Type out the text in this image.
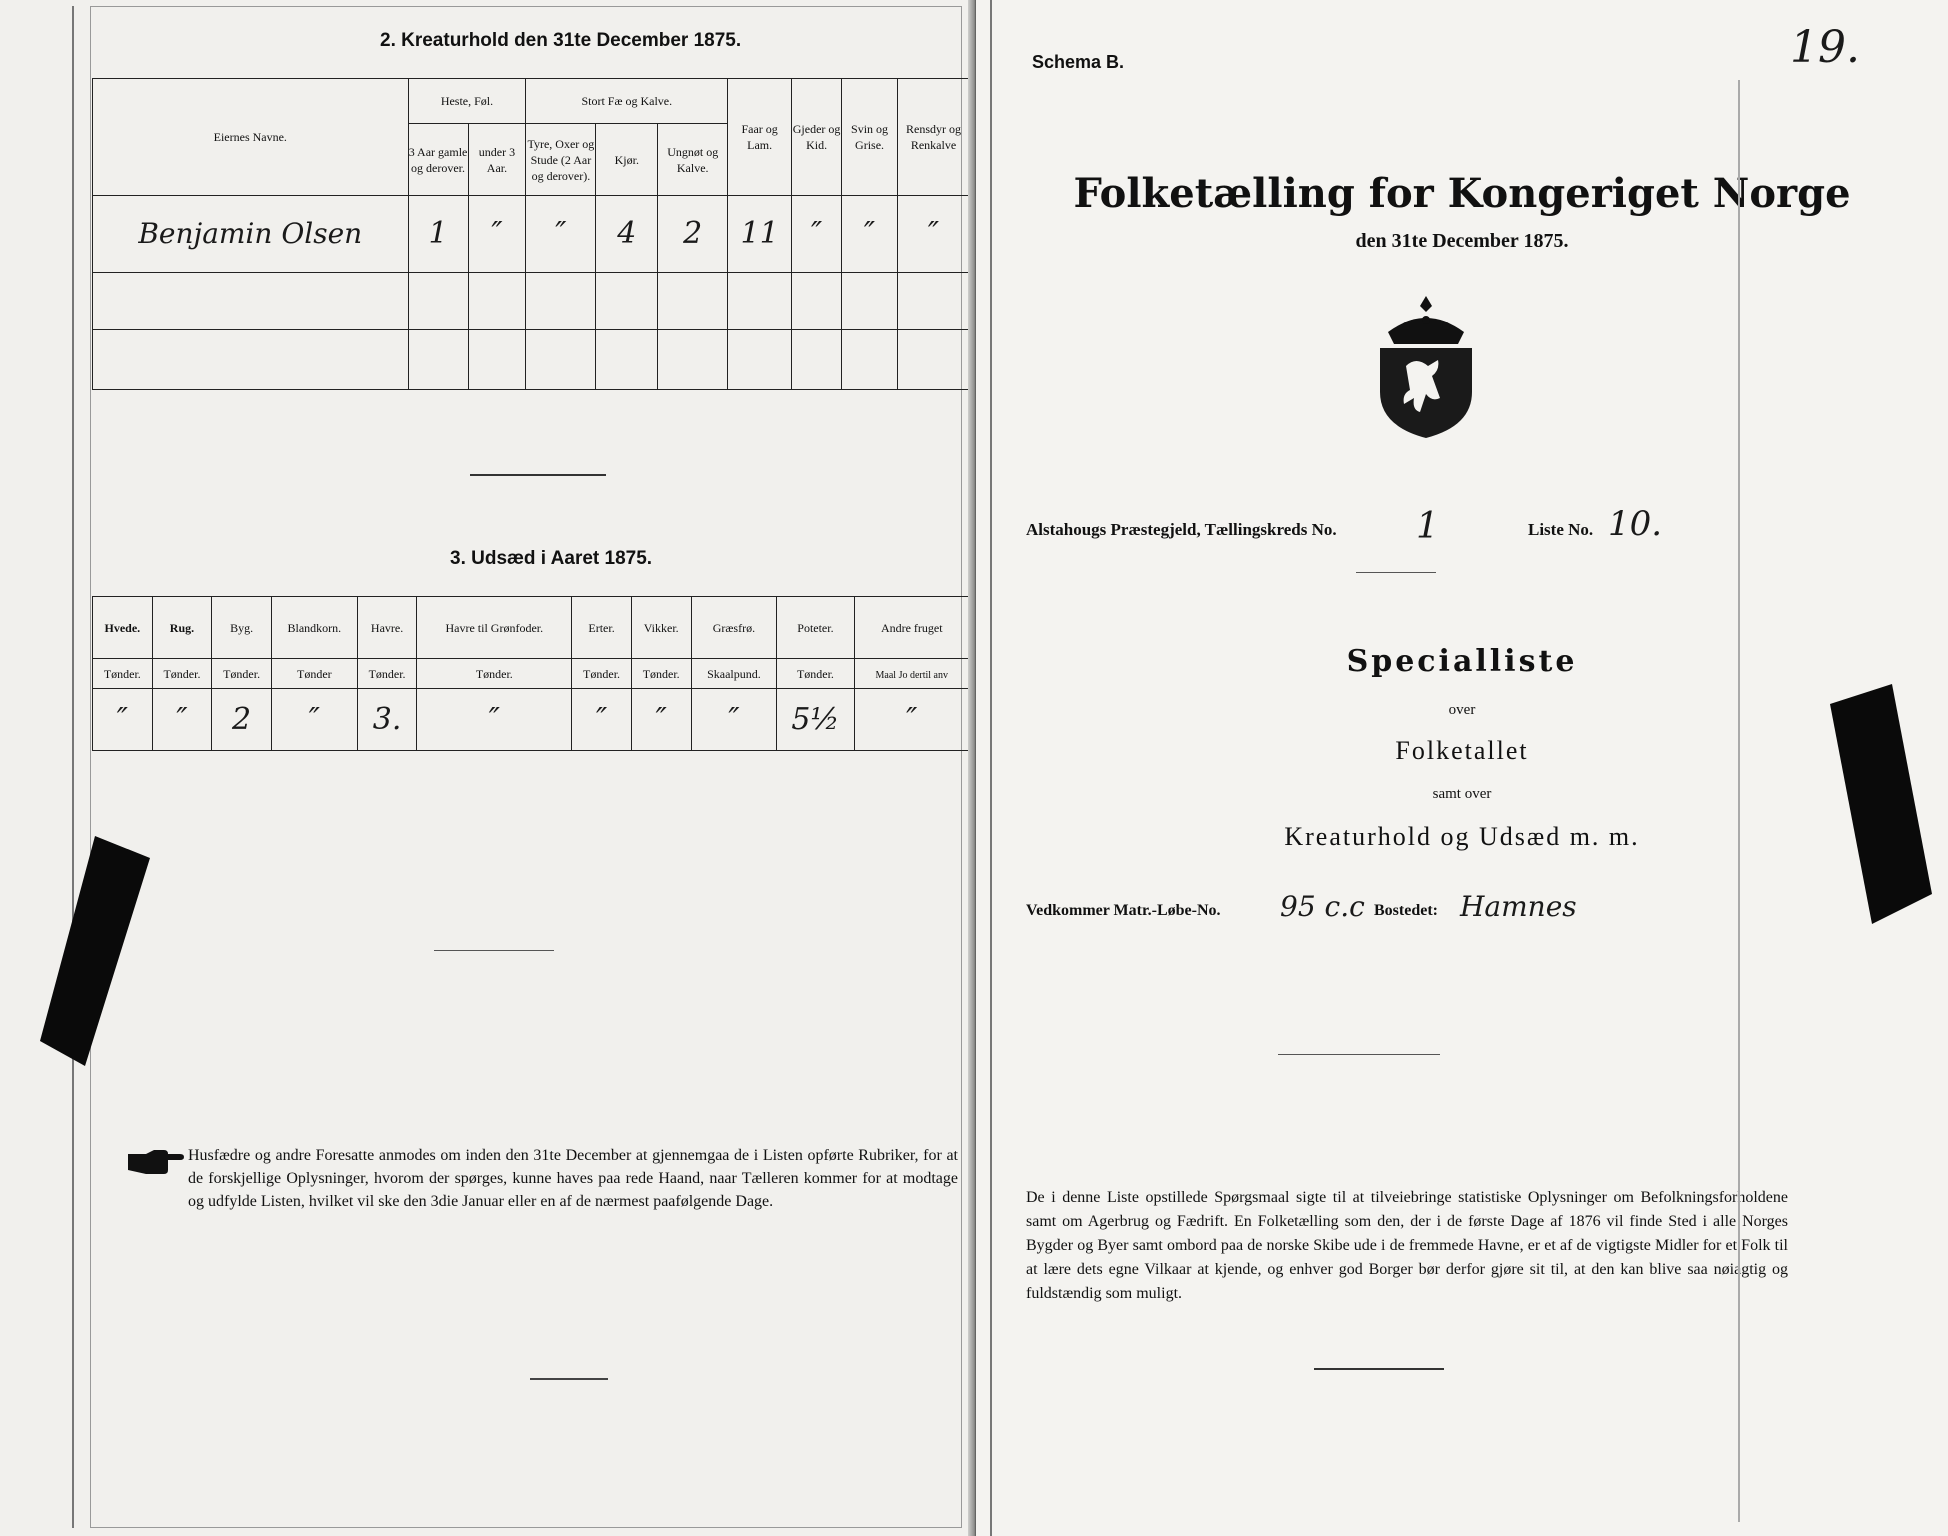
2. Kreaturhold den 31te December 1875.
Eiernes Navne.	Heste, Føl.		Stort Fæ og Kalve.			Faar og Lam.	Gjeder og Kid.	Svin og Grise.	Rensdyr og Renkalve
	3 Aar gamle og derover.	under 3 Aar.	Tyre, Oxer og Stude (2 Aar og derover).	Kjør.	Ungnøt og Kalve.				
Benjamin Olsen	1	″	″	4	2	11	″	″	″

3. Udsæd i Aaret 1875.
Hvede.	Rug.	Byg.	Blandkorn.	Havre.	Havre til Grønfoder.	Erter.	Vikker.	Græsfrø.	Poteter.	Andre fruget
Tønder.	Tønder.	Tønder.	Tønder	Tønder.	Tønder.	Tønder.	Tønder.	Skaalpund.	Tønder.	Maal Jo dertil anv
″	″	2	″	3.	″	″	″	″	5½	″
Husfædre og andre Foresatte anmodes om inden den 31te December at gjennemgaa de i Listen opførte Rubriker, for at de forskjellige Oplysninger, hvorom der spørges, kunne haves paa rede Haand, naar Tælleren kommer for at modtage og udfylde Listen, hvilket vil ske den 3die Januar eller en af de nærmest paafølgende Dage.
Schema B.	19.
Folketælling for Kongeriget Norge
den 31te December 1875.
Alstahougs Præstegjeld, Tællingskreds No. 1	Liste No. 10.
Specialliste
over
Folketallet
samt over
Kreaturhold og Udsæd m. m.
Vedkommer Matr.-Løbe-No. 95 c.c Bostedet: Hamnes
De i denne Liste opstillede Spørgsmaal sigte til at tilveiebringe statistiske Oplysninger om Befolkningsforholdene samt om Agerbrug og Fædrift. En Folketælling som den, der i de første Dage af 1876 vil finde Sted i alle Norges Bygder og Byer samt ombord paa de norske Skibe ude i de fremmede Havne, er et af de vigtigste Midler for et Folk til at lære dets egne Vilkaar at kjende, og enhver god Borger bør derfor gjøre sit til, at den kan blive saa nøiagtig og fuldstændig som muligt.
